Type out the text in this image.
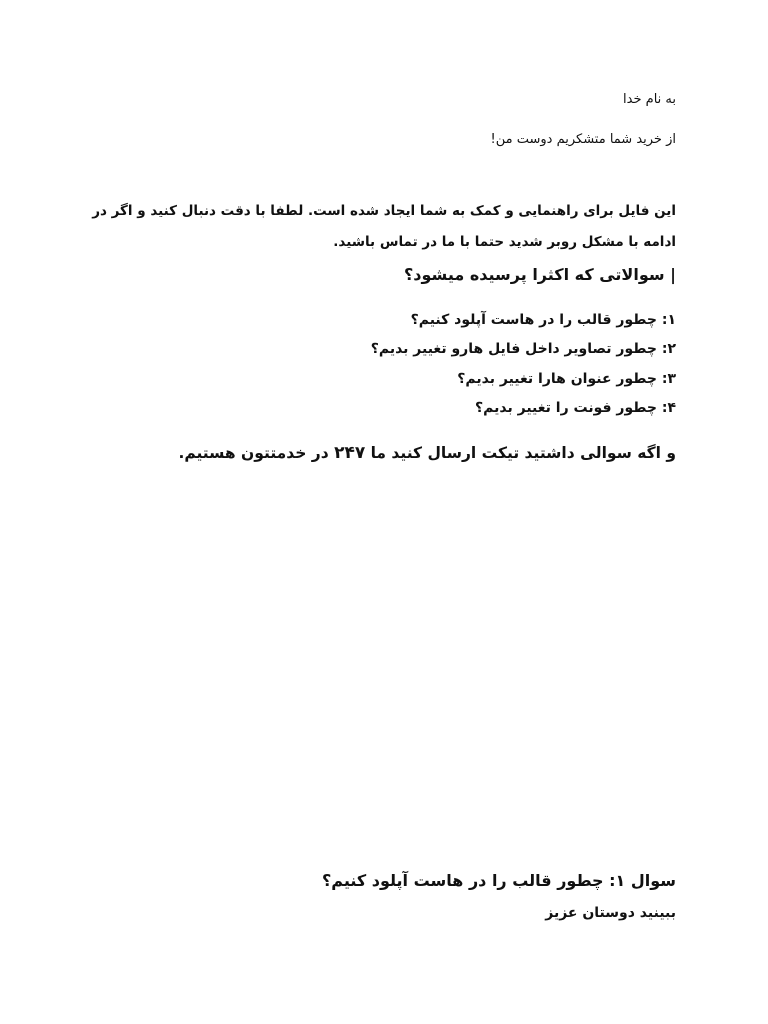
به نام خدا
از خرید شما متشکریم دوست من!
این فایل برای راهنمایی و کمک به شما ایجاد شده است. لطفا با دقت دنبال کنید و اگر در ادامه با مشکل روبر شدید حتما با ما در تماس باشید.
| سوالاتی که اکثرا پرسیده میشود؟
۱: چطور قالب را در هاست آپلود کنیم؟
۲: چطور تصاویر داخل فایل هارو تغییر بدیم؟
۳: چطور عنوان هارا تغییر بدیم؟
۴: چطور فونت را تغییر بدیم؟
و اگه سوالی داشتید تیکت ارسال کنید ما ۲۴۷ در خدمتتون هستیم.
سوال ۱: چطور قالب را در هاست آپلود کنیم؟
ببینید دوستان عزیز
